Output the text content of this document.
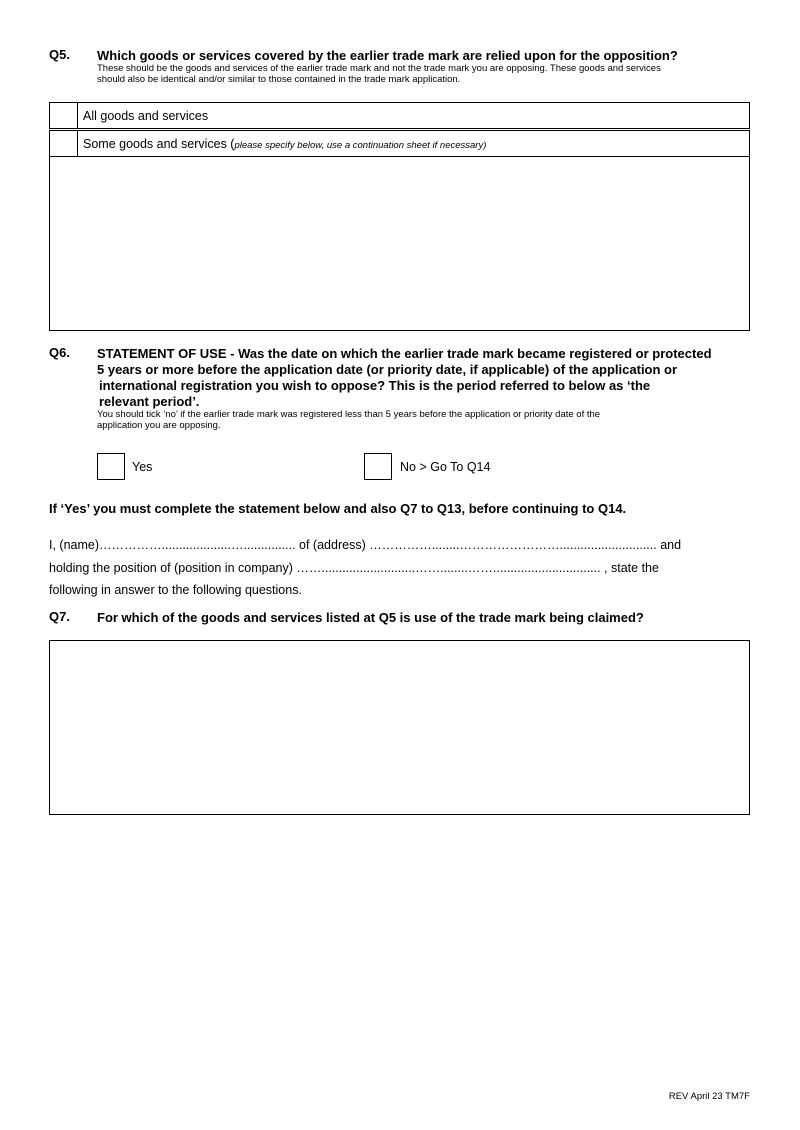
Q5. Which goods or services covered by the earlier trade mark are relied upon for the opposition?
These should be the goods and services of the earlier trade mark and not the trade mark you are opposing. These goods and services
should also be identical and/or similar to those contained in the trade mark application.
All goods and services
Some goods and services (please specify below, use a continuation sheet if necessary)
Q6. STATEMENT OF USE - Was the date on which the earlier trade mark became registered or protected
5 years or more before the application date (or priority date, if applicable) of the application or
international registration you wish to oppose? This is the period referred to below as ‘the
relevant period’.
You should tick ‘no’ if the earlier trade mark was registered less than 5 years before the application or priority date of the
application you are opposing.
Yes	No > Go To Q14
If ‘Yes’ you must complete the statement below and also Q7 to Q13, before continuing to Q14.
I, (name)……………....................…............... of (address) ……………........……………………............................ and
holding the position of (position in company) ……...........................……........……............................... , state the
following in answer to the following questions.
Q7. For which of the goods and services listed at Q5 is use of the trade mark being claimed?
REV April 23 TM7F
